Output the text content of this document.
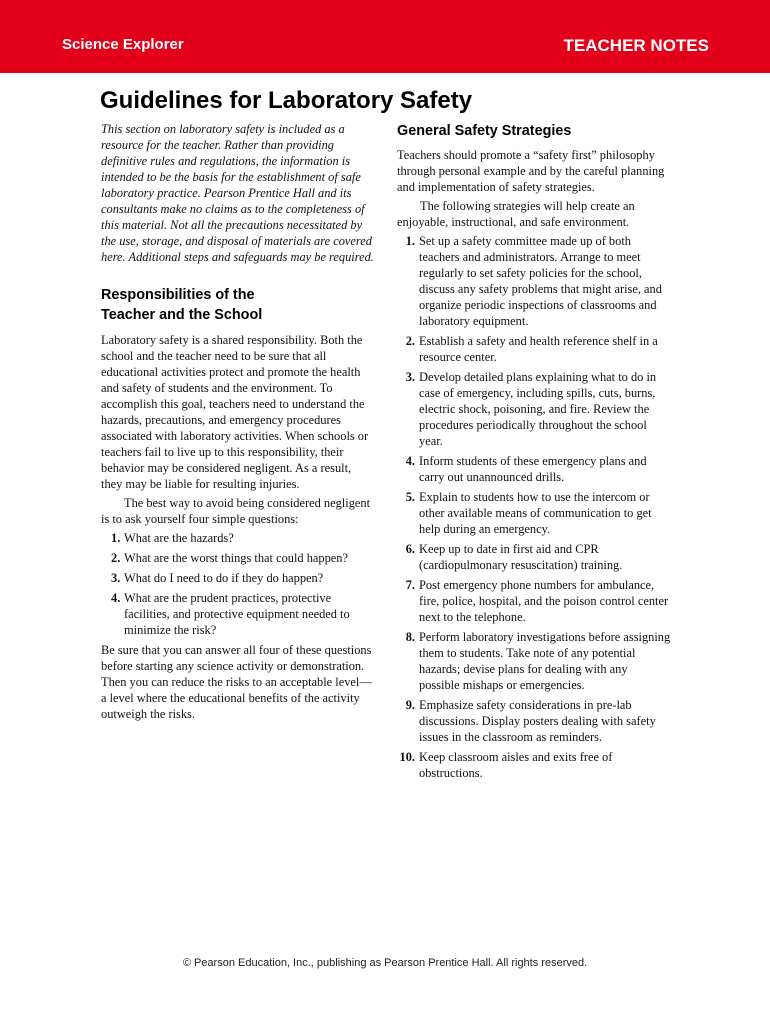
Science Explorer	TEACHER NOTES
Guidelines for Laboratory Safety

This section on laboratory safety is included as a resource for the teacher. Rather than providing definitive rules and regulations, the information is intended to be the basis for the establishment of safe laboratory practice. Pearson Prentice Hall and its consultants make no claims as to the completeness of this material. Not all the precautions necessitated by the use, storage, and disposal of materials are covered here. Additional steps and safeguards may be required.

Responsibilities of the
Teacher and the School

Laboratory safety is a shared responsibility. Both the school and the teacher need to be sure that all educational activities protect and promote the health and safety of students and the environment. To accomplish this goal, teachers need to understand the hazards, precautions, and emergency procedures associated with laboratory activities. When schools or teachers fail to live up to this responsibility, their behavior may be considered negligent. As a result, they may be liable for resulting injuries.

The best way to avoid being considered negligent is to ask yourself four simple questions:

1. What are the hazards?
2. What are the worst things that could happen?
3. What do I need to do if they do happen?
4. What are the prudent practices, protective facilities, and protective equipment needed to minimize the risk?

Be sure that you can answer all four of these questions before starting any science activity or demonstration. Then you can reduce the risks to an acceptable level—a level where the educational benefits of the activity outweigh the risks.

General Safety Strategies

Teachers should promote a “safety first” philosophy through personal example and by the careful planning and implementation of safety strategies.

The following strategies will help create an enjoyable, instructional, and safe environment.

1. Set up a safety committee made up of both teachers and administrators. Arrange to meet regularly to set safety policies for the school, discuss any safety problems that might arise, and organize periodic inspections of classrooms and laboratory equipment.
2. Establish a safety and health reference shelf in a resource center.
3. Develop detailed plans explaining what to do in case of emergency, including spills, cuts, burns, electric shock, poisoning, and fire. Review the procedures periodically throughout the school year.
4. Inform students of these emergency plans and carry out unannounced drills.
5. Explain to students how to use the intercom or other available means of communication to get help during an emergency.
6. Keep up to date in first aid and CPR (cardiopulmonary resuscitation) training.
7. Post emergency phone numbers for ambulance, fire, police, hospital, and the poison control center next to the telephone.
8. Perform laboratory investigations before assigning them to students. Take note of any potential hazards; devise plans for dealing with any possible mishaps or emergencies.
9. Emphasize safety considerations in pre-lab discussions. Display posters dealing with safety issues in the classroom as reminders.
10. Keep classroom aisles and exits free of obstructions.
© Pearson Education, Inc., publishing as Pearson Prentice Hall. All rights reserved.
